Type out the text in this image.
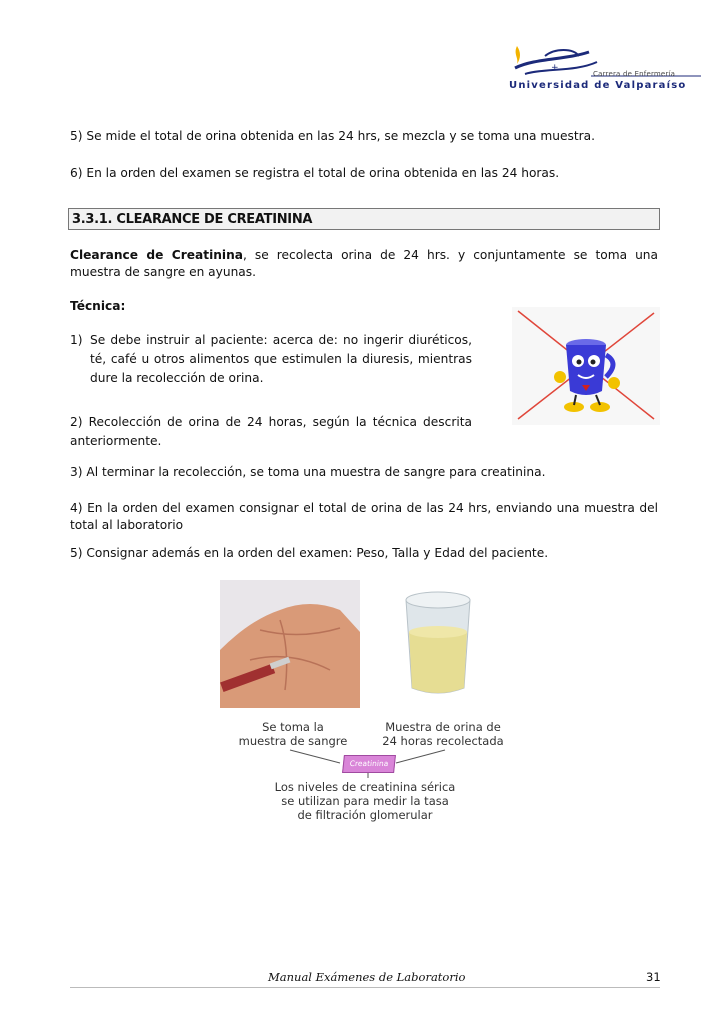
+
Carrera de Enfermería
Universidad de Valparaíso

5) Se mide el total de orina obtenida en las 24 hrs, se mezcla y se toma una muestra.

6) En la orden del examen se registra el total de orina obtenida en las 24 horas.

3.3.1. CLEARANCE DE CREATININA

Clearance de Creatinina, se recolecta orina de 24 hrs. y conjuntamente se toma una muestra de sangre en ayunas.

Técnica:

1) Se debe instruir al paciente: acerca de: no ingerir diuréticos, té, café u otros alimentos que estimulen la diuresis, mientras dure la recolección de orina.

2) Recolección de orina de 24 horas, según la técnica descrita anteriormente.

3) Al terminar la recolección, se toma una muestra de sangre para creatinina.

4) En la orden del examen consignar el total de orina de las 24 hrs, enviando una muestra del total al laboratorio

5) Consignar además en la orden del examen: Peso, Talla y Edad del paciente.

Se toma la
muestra de sangre
Muestra de orina de
24 horas recolectada
Creatinina
Los niveles de creatinina sérica
se utilizan para medir la tasa
de filtración glomerular
Manual Exámenes de Laboratorio	31
